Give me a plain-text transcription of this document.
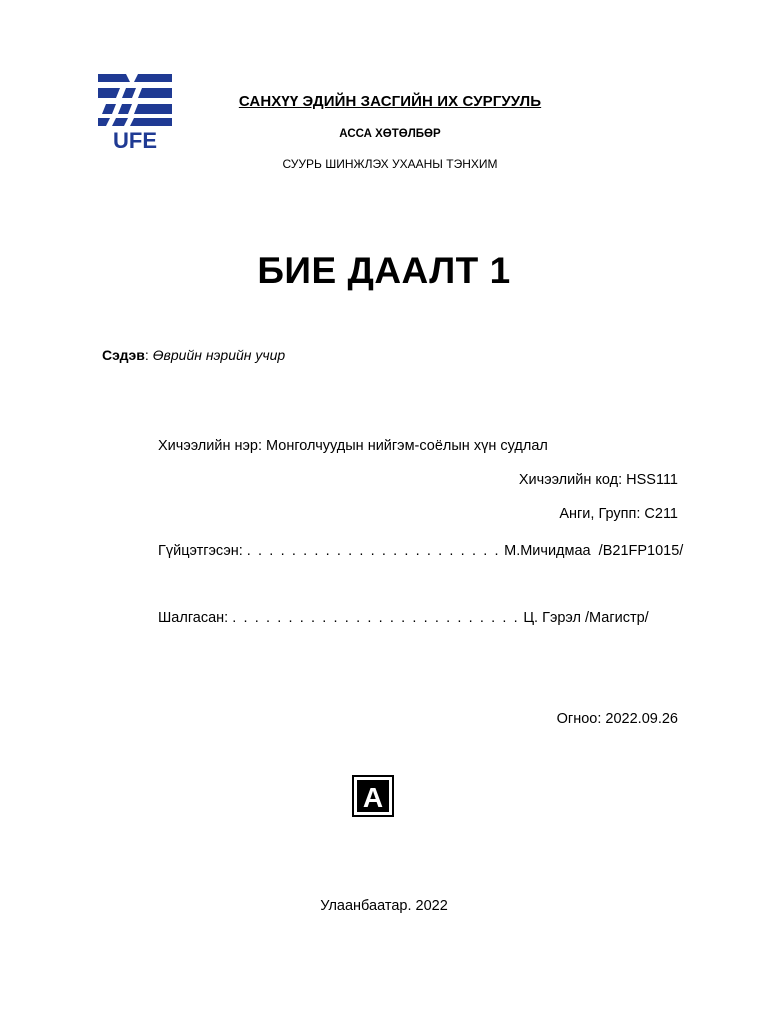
UFE
САНХҮҮ ЭДИЙН ЗАСГИЙН ИХ СУРГУУЛЬ
АССА ХӨТӨЛБӨР
СУУРЬ ШИНЖЛЭХ УХААНЫ ТЭНХИМ
БИЕ ДААЛТ 1
Сэдэв: Өврийн нэрийн учир
Хичээлийн нэр: Монголчуудын нийгэм-соёлын хүн судлал
Хичээлийн код: HSS111
Анги, Групп: C211
Гүйцэтгэсэн: . . . . . . . . . . . . . . . . . . . . . . . М.Мичидмаа  /B21FP1015/
Шалгасан: . . . . . . . . . . . . . . . . . . . . . . . . . . Ц. Гэрэл /Магистр/
Огноо: 2022.09.26
A
Улаанбаатар. 2022
